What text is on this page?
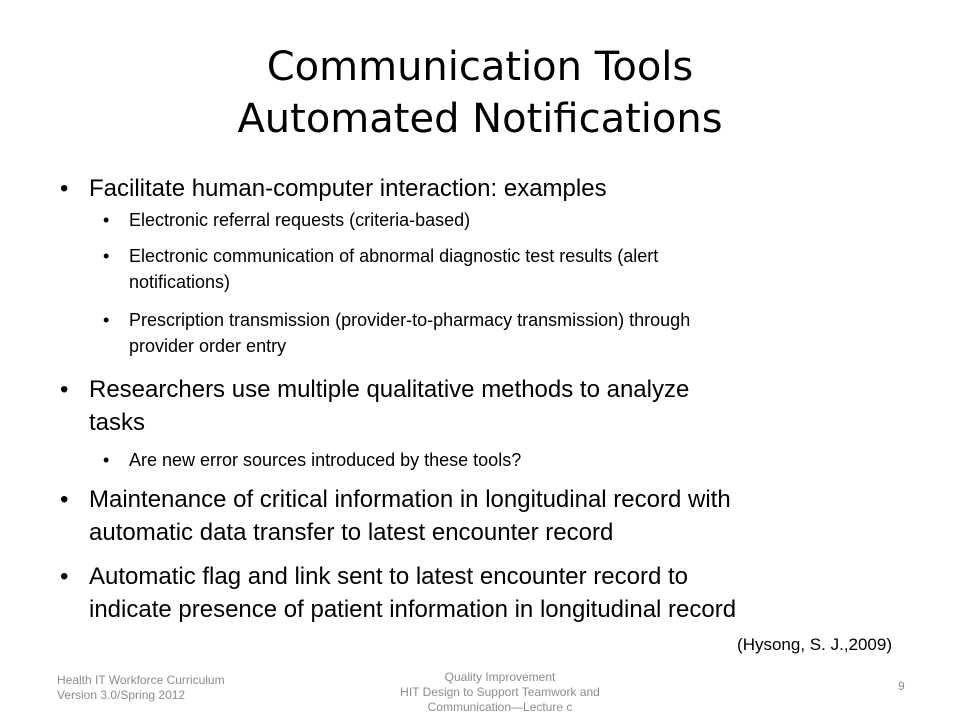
Communication Tools
Automated Notifications
• Facilitate human-computer interaction: examples
•	Electronic referral requests (criteria-based)
•	Electronic communication of abnormal diagnostic test results (alert
notifications)
•	Prescription transmission (provider-to-pharmacy transmission) through
provider order entry
• Researchers use multiple qualitative methods to analyze
tasks
•	Are new error sources introduced by these tools?
• Maintenance of critical information in longitudinal record with
automatic data transfer to latest encounter record
• Automatic flag and link sent to latest encounter record to
indicate presence of patient information in longitudinal record
(Hysong, S. J.,2009)
Health IT Workforce Curriculum
Version 3.0/Spring 2012
Quality Improvement
HIT Design to Support Teamwork and
Communication—Lecture c
9
